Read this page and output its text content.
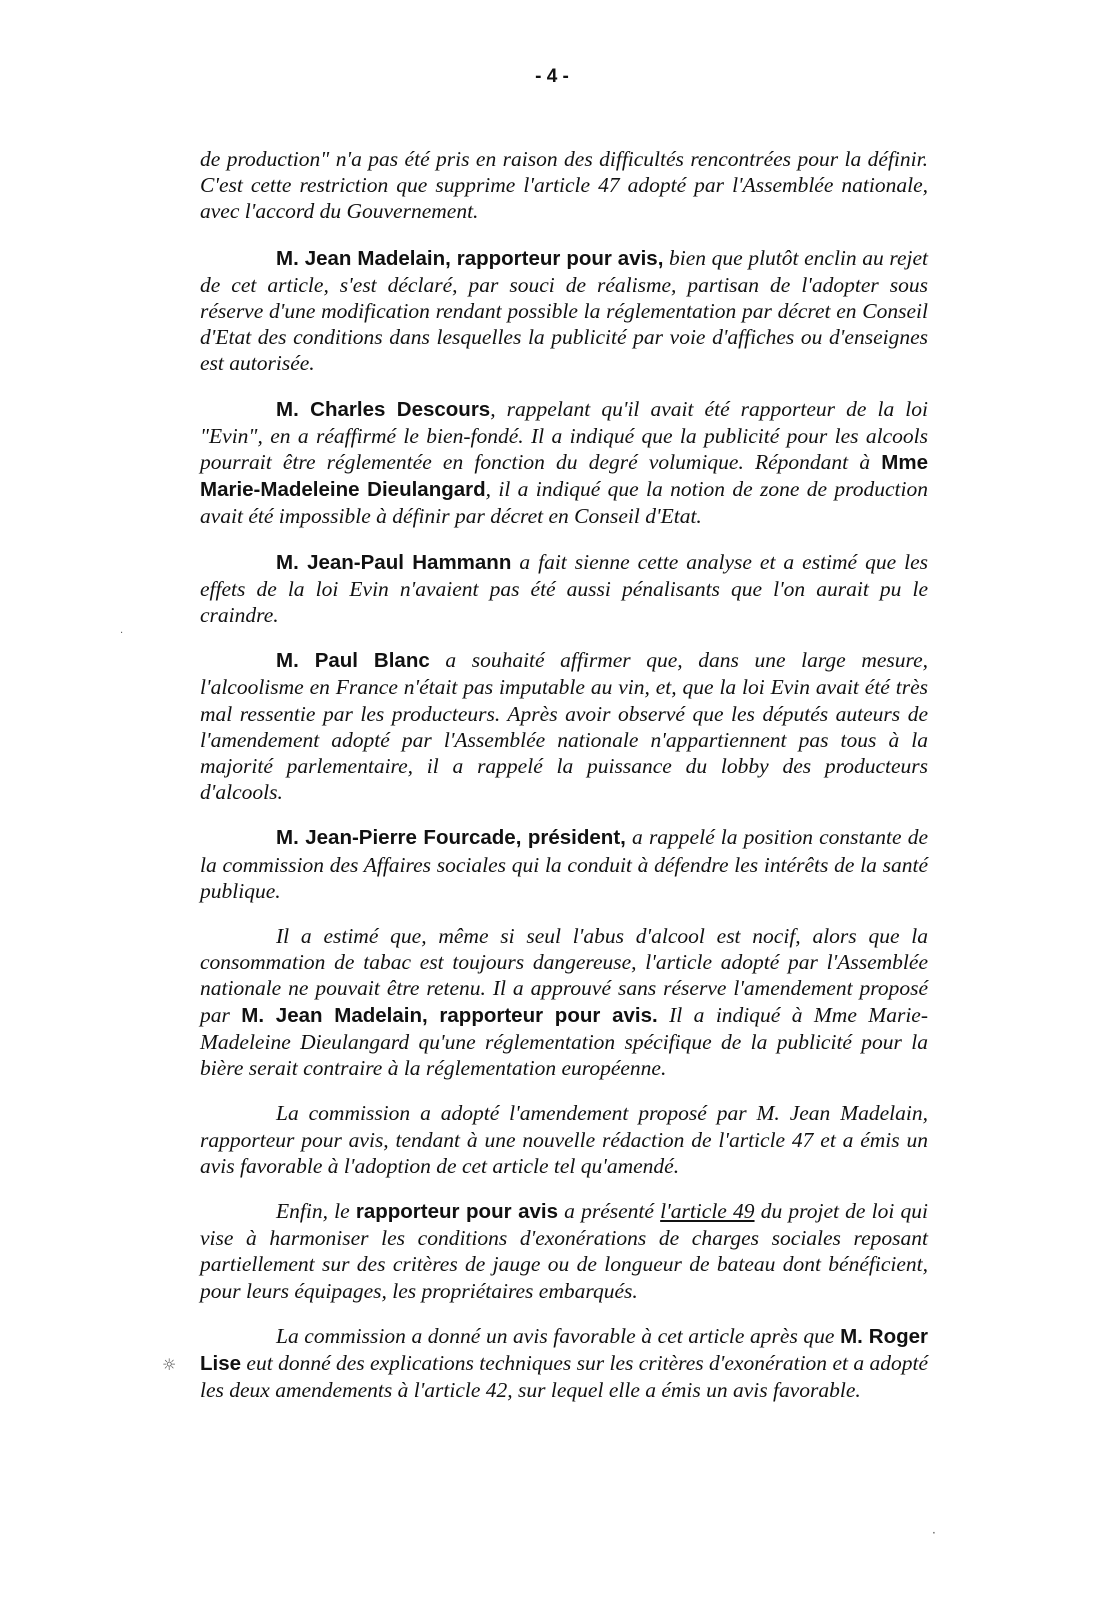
- 4 -

de production" n'a pas été pris en raison des difficultés rencontrées pour la définir. C'est cette restriction que supprime l'article 47 adopté par l'Assemblée nationale, avec l'accord du Gouvernement.

M. Jean Madelain, rapporteur pour avis, bien que plutôt enclin au rejet de cet article, s'est déclaré, par souci de réalisme, partisan de l'adopter sous réserve d'une modification rendant possible la réglementation par décret en Conseil d'Etat des conditions dans lesquelles la publicité par voie d'affiches ou d'enseignes est autorisée.

M. Charles Descours, rappelant qu'il avait été rapporteur de la loi "Evin", en a réaffirmé le bien-fondé. Il a indiqué que la publicité pour les alcools pourrait être réglementée en fonction du degré volumique. Répondant à Mme Marie-Madeleine Dieulangard, il a indiqué que la notion de zone de production avait été impossible à définir par décret en Conseil d'Etat.

M. Jean-Paul Hammann a fait sienne cette analyse et a estimé que les effets de la loi Evin n'avaient pas été aussi pénalisants que l'on aurait pu le craindre.

M. Paul Blanc a souhaité affirmer que, dans une large mesure, l'alcoolisme en France n'était pas imputable au vin, et, que la loi Evin avait été très mal ressentie par les producteurs. Après avoir observé que les députés auteurs de l'amendement adopté par l'Assemblée nationale n'appartiennent pas tous à la majorité parlementaire, il a rappelé la puissance du lobby des producteurs d'alcools.

M. Jean-Pierre Fourcade, président, a rappelé la position constante de la commission des Affaires sociales qui la conduit à défendre les intérêts de la santé publique.

Il a estimé que, même si seul l'abus d'alcool est nocif, alors que la consommation de tabac est toujours dangereuse, l'article adopté par l'Assemblée nationale ne pouvait être retenu. Il a approuvé sans réserve l'amendement proposé par M. Jean Madelain, rapporteur pour avis. Il a indiqué à Mme Marie-Madeleine Dieulangard qu'une réglementation spécifique de la publicité pour la bière serait contraire à la réglementation européenne.

La commission a adopté l'amendement proposé par M. Jean Madelain, rapporteur pour avis, tendant à une nouvelle rédaction de l'article 47 et a émis un avis favorable à l'adoption de cet article tel qu'amendé.

Enfin, le rapporteur pour avis a présenté l'article 49 du projet de loi qui vise à harmoniser les conditions d'exonérations de charges sociales reposant partiellement sur des critères de jauge ou de longueur de bateau dont bénéficient, pour leurs équipages, les propriétaires embarqués.

La commission a donné un avis favorable à cet article après que M. Roger Lise eut donné des explications techniques sur les critères d'exonération et a adopté les deux amendements à l'article 42, sur lequel elle a émis un avis favorable.

☼
·
·
